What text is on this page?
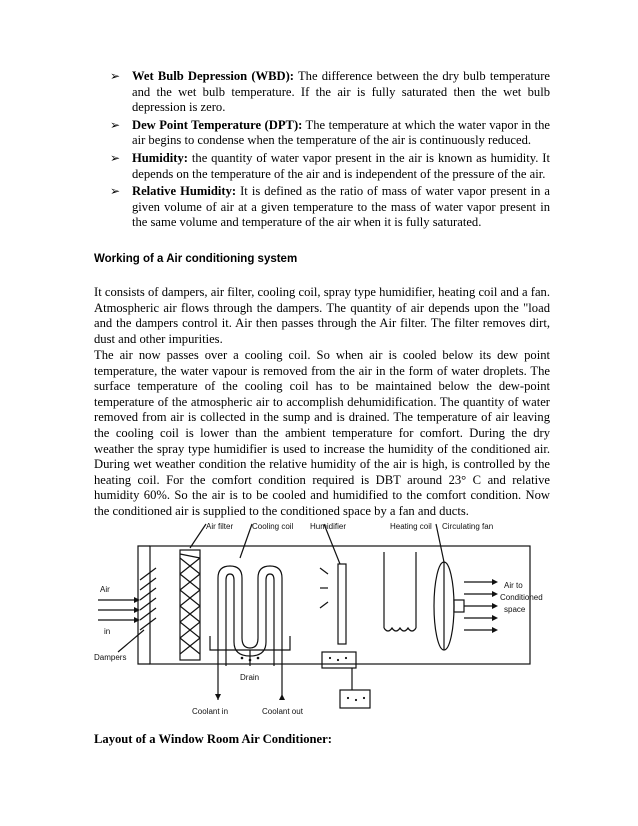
➢ Wet Bulb Depression (WBD): The difference between the dry bulb temperature and the wet bulb temperature. If the air is fully saturated then the wet bulb depression is zero.
➢ Dew Point Temperature (DPT): The temperature at which the water vapor in the air begins to condense when the temperature of the air is continuously reduced.
➢ Humidity: the quantity of water vapor present in the air is known as humidity. It depends on the temperature of the air and is independent of the pressure of the air.
➢ Relative Humidity: It is defined as the ratio of mass of water vapor present in a given volume of air at a given temperature to the mass of water vapor present in the same volume and temperature of the air when it is fully saturated.

Working of a Air conditioning system

It consists of dampers, air filter, cooling coil, spray type humidifier, heating coil and a fan. Atmospheric air flows through the dampers. The quantity of air depends upon the "load and the dampers control it. Air then passes through the Air filter. The filter removes dirt, dust and other impurities.

The air now passes over a cooling coil. So when air is cooled below its dew point temperature, the water vapour is removed from the air in the form of water droplets. The surface temperature of the cooling coil has to be maintained below the dew-point temperature of the atmospheric air to accomplish dehumidification. The quantity of water removed from air is collected in the sump and is drained. The temperature of air leaving the cooling coil is lower than the ambient temperature for comfort. During the dry weather the spray type humidifier is used to increase the humidity of the conditioned air. During wet weather condition the relative humidity of the air is high, is controlled by the heating coil. For the comfort condition required is DBT around 23° C and relative humidity 60%. So the air is to be cooled and humidified to the comfort condition. Now the conditioned air is supplied to the conditioned space by a fan and ducts.

Air filter Cooling coil Humidifier	Heating coil Circulating fan
Air
in
Air to
Conditioned
space
Dampers
Drain
Coolant in	Coolant out

Layout of a Window Room Air Conditioner:
